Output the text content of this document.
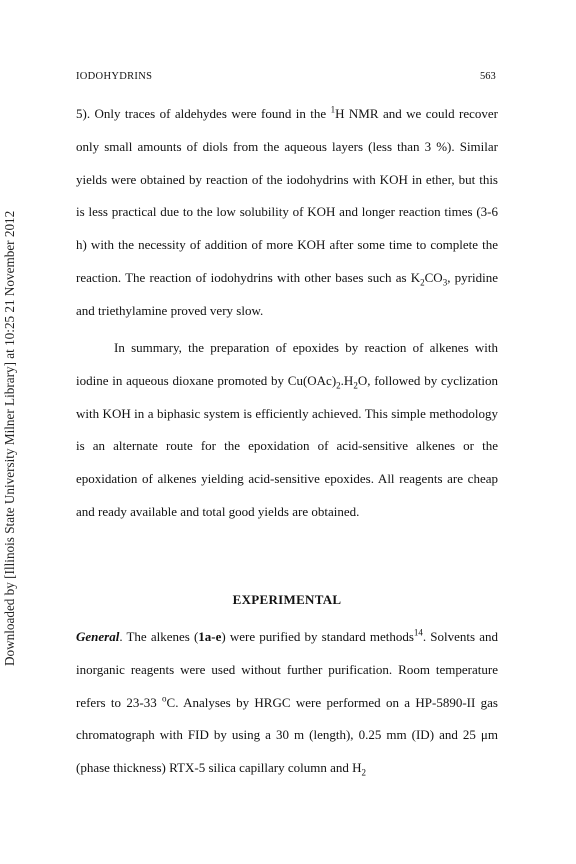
IODOHYDRINS	563
Downloaded by [Illinois State University Milner Library] at 10:25 21 November 2012

5). Only traces of aldehydes were found in the $^1$H NMR and we could recover only small amounts of diols from the aqueous layers (less than 3 %). Similar yields were obtained by reaction of the iodohydrins with KOH in ether, but this is less practical due to the low solubility of KOH and longer reaction times (3-6 h) with the necessity of addition of more KOH after some time to complete the reaction. The reaction of iodohydrins with other bases such as $K_2CO_3$, pyridine and triethylamine proved very slow.

In summary, the preparation of epoxides by reaction of alkenes with iodine in aqueous dioxane promoted by $Cu(OAc)_2.H_2O$, followed by cyclization with KOH in a biphasic system is efficiently achieved. This simple methodology is an alternate route for the epoxidation of acid-sensitive alkenes or the epoxidation of alkenes yielding acid-sensitive epoxides. All reagents are cheap and ready available and total good yields are obtained.

EXPERIMENTAL

General. The alkenes (1a-e) were purified by standard methods$^{14}$. Solvents and inorganic reagents were used without further purification. Room temperature refers to 23-33 $^o$C. Analyses by HRGC were performed on a HP-5890-II gas chromatograph with FID by using a 30 m (length), 0.25 mm (ID) and 25 μm (phase thickness) RTX-5 silica capillary column and $H_2$
